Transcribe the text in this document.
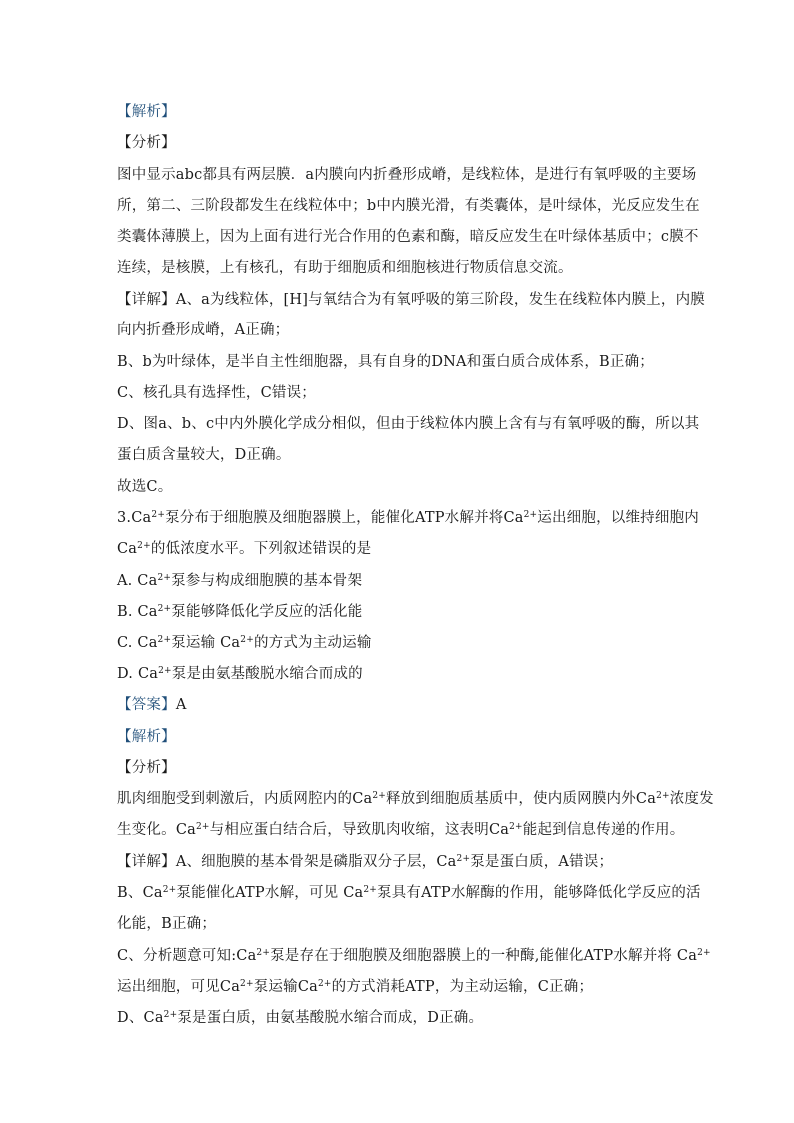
【解析】
【分析】
图中显示abc都具有两层膜．a内膜向内折叠形成嵴，是线粒体，是进行有氧呼吸的主要场
所，第二、三阶段都发生在线粒体中；b中内膜光滑，有类囊体，是叶绿体，光反应发生在
类囊体薄膜上，因为上面有进行光合作用的色素和酶，暗反应发生在叶绿体基质中；c膜不
连续，是核膜，上有核孔，有助于细胞质和细胞核进行物质信息交流。
【详解】A、a为线粒体，[H]与氧结合为有氧呼吸的第三阶段，发生在线粒体内膜上，内膜
向内折叠形成嵴，A正确；
B、b为叶绿体，是半自主性细胞器，具有自身的DNA和蛋白质合成体系，B正确；
C、核孔具有选择性，C错误；
D、图a、b、c中内外膜化学成分相似，但由于线粒体内膜上含有与有氧呼吸的酶，所以其
蛋白质含量较大，D正确。
故选C。
$3.Ca^{2+}$泵分布于细胞膜及细胞器膜上，能催化ATP水解并将$Ca^{2+}$运出细胞，以维持细胞内
$Ca^{2+}$的低浓度水平。下列叙述错误的是
A. $Ca^{2+}$泵参与构成细胞膜的基本骨架
B. $Ca^{2+}$泵能够降低化学反应的活化能
C. $Ca^{2+}$泵运输 $Ca^{2+}$的方式为主动运输
D. $Ca^{2+}$泵是由氨基酸脱水缩合而成的
【答案】A
【解析】
【分析】
肌肉细胞受到刺激后，内质网腔内的$Ca^{2+}$释放到细胞质基质中，使内质网膜内外$Ca^{2+}$浓度发
生变化。$Ca^{2+}$与相应蛋白结合后，导致肌肉收缩，这表明$Ca^{2+}$能起到信息传递的作用。
【详解】A、细胞膜的基本骨架是磷脂双分子层，$Ca^{2+}$泵是蛋白质，A错误；
B、$Ca^{2+}$泵能催化ATP水解，可见 $Ca^{2+}$泵具有ATP水解酶的作用，能够降低化学反应的活
化能，B正确；
C、分析题意可知$:Ca^{2+}$泵是存在于细胞膜及细胞器膜上的一种酶,能催化ATP水解并将 $Ca^{2+}$
运出细胞，可见$Ca^{2+}$泵运输$Ca^{2+}$的方式消耗ATP，为主动运输，C正确；
D、$Ca^{2+}$泵是蛋白质，由氨基酸脱水缩合而成，D正确。
